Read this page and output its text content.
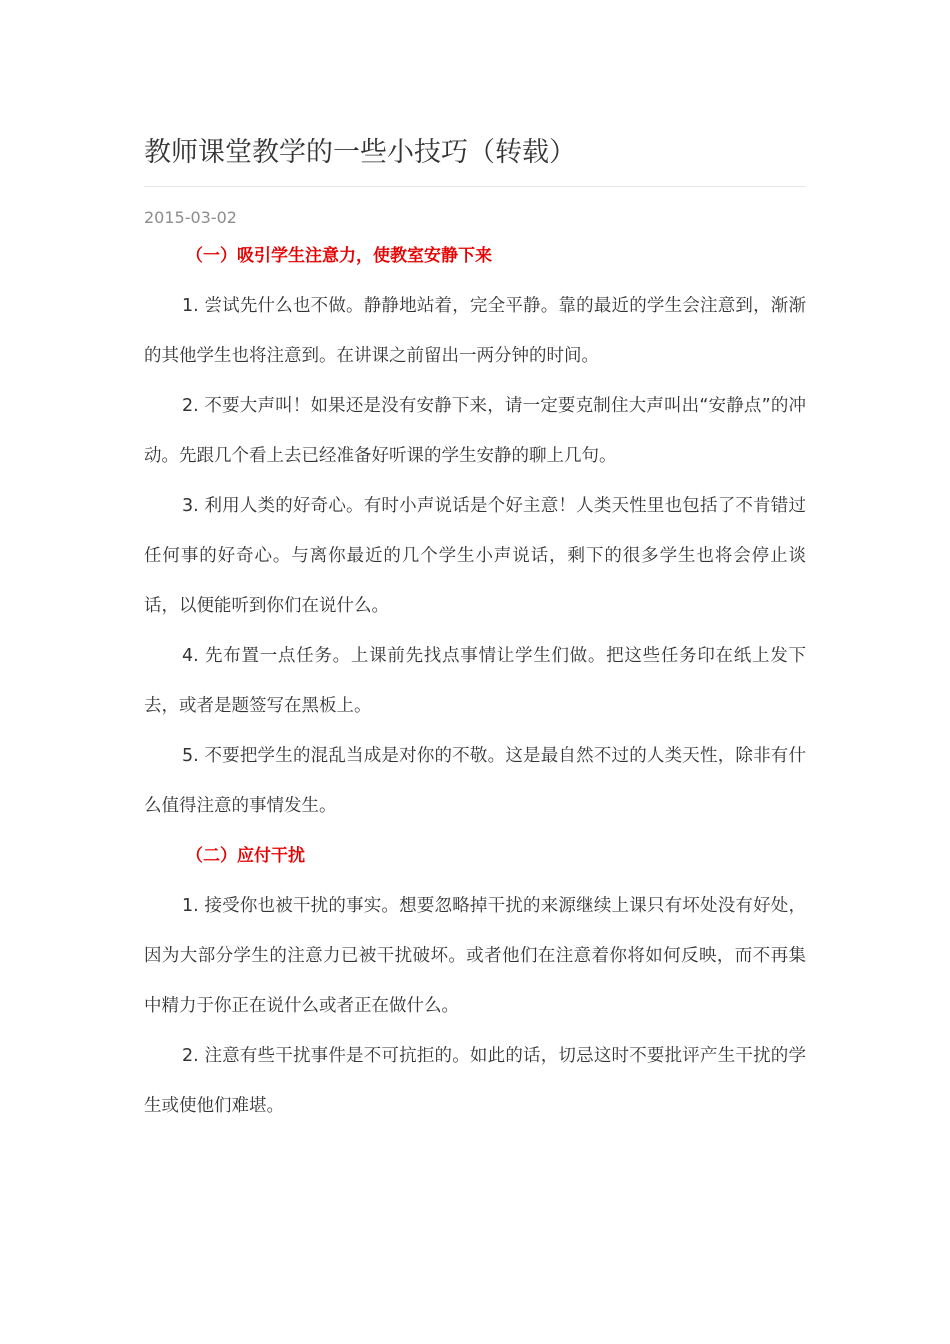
教师课堂教学的一些小技巧（转载）
2015-03-02

（一）吸引学生注意力，使教室安静下来

1. 尝试先什么也不做。静静地站着，完全平静。靠的最近的学生会注意到，渐渐的其他学生也将注意到。在讲课之前留出一两分钟的时间。

2. 不要大声叫！如果还是没有安静下来，请一定要克制住大声叫出“安静点”的冲动。先跟几个看上去已经准备好听课的学生安静的聊上几句。

3. 利用人类的好奇心。有时小声说话是个好主意！人类天性里也包括了不肯错过任何事的好奇心。与离你最近的几个学生小声说话，剩下的很多学生也将会停止谈话，以便能听到你们在说什么。

4. 先布置一点任务。上课前先找点事情让学生们做。把这些任务印在纸上发下去，或者是题签写在黑板上。

5. 不要把学生的混乱当成是对你的不敬。这是最自然不过的人类天性，除非有什么值得注意的事情发生。

（二）应付干扰

1. 接受你也被干扰的事实。想要忽略掉干扰的来源继续上课只有坏处没有好处，因为大部分学生的注意力已被干扰破坏。或者他们在注意着你将如何反映，而不再集中精力于你正在说什么或者正在做什么。

2. 注意有些干扰事件是不可抗拒的。如此的话，切忌这时不要批评产生干扰的学生或使他们难堪。
